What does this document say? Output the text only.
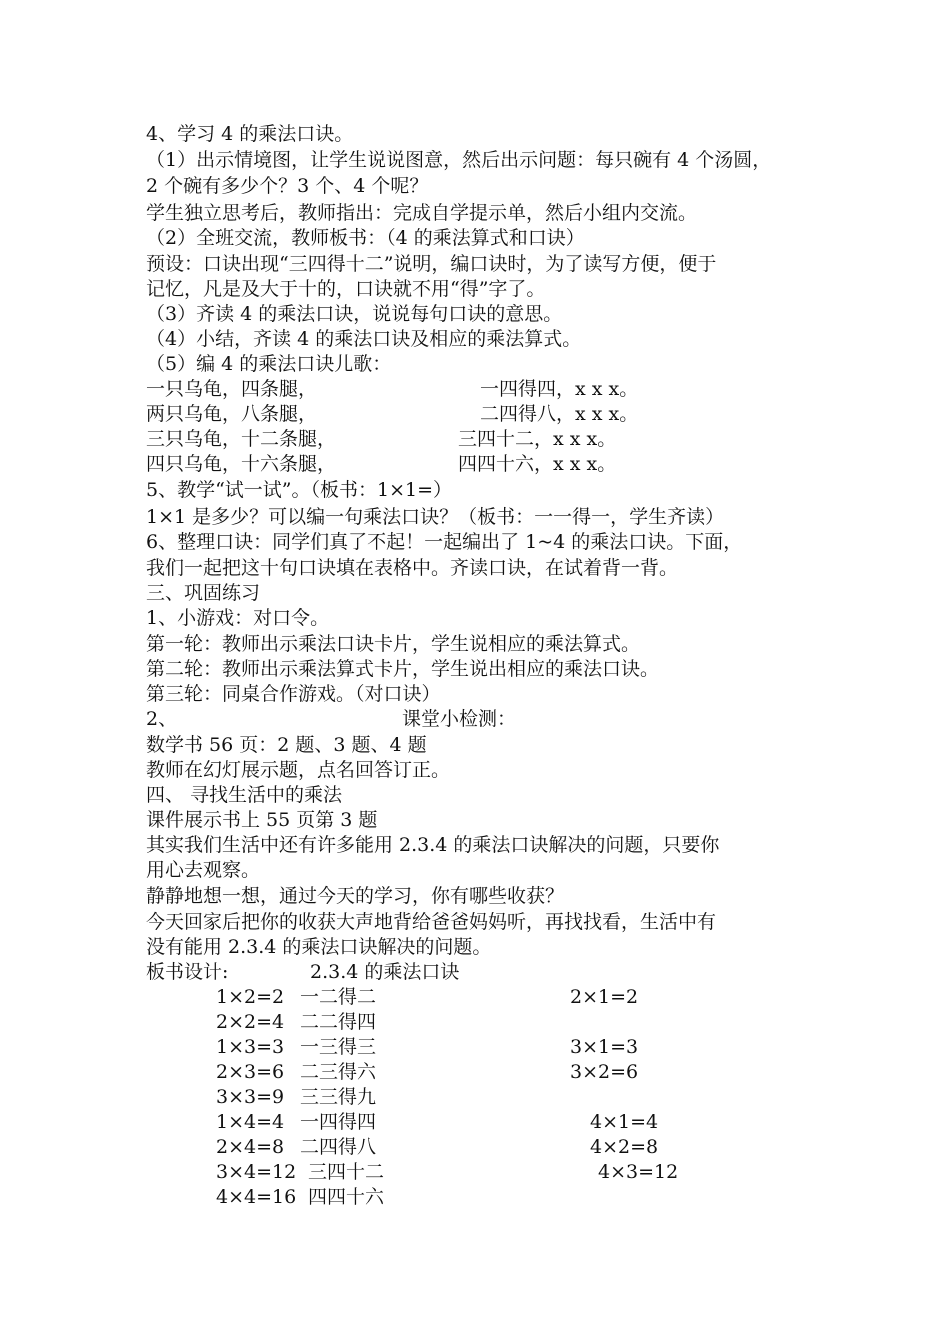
4、学习 4 的乘法口诀。
（1）出示情境图，让学生说说图意，然后出示问题：每只碗有 4 个汤圆，
2 个碗有多少个？3 个、4 个呢？
学生独立思考后，教师指出：完成自学提示单，然后小组内交流。
（2）全班交流，教师板书：（4 的乘法算式和口诀）
预设：口诀出现“三四得十二”说明，编口诀时，为了读写方便，便于
记忆，凡是及大于十的，口诀就不用“得”字了。
（3）齐读 4 的乘法口诀，说说每句口诀的意思。
（4）小结，齐读 4 的乘法口诀及相应的乘法算式。
（5）编 4 的乘法口诀儿歌：
一只乌龟，四条腿，	一四得四，x x x。
两只乌龟，八条腿，	二四得八，x x x。
三只乌龟，十二条腿，	三四十二，x x x。
四只乌龟，十六条腿，	四四十六，x x x。
5、教学“试一试”。（板书：1×1=）
1×1 是多少？可以编一句乘法口诀？（板书：一一得一，学生齐读）
6、整理口诀：同学们真了不起！一起编出了 1~4 的乘法口诀。下面，
我们一起把这十句口诀填在表格中。齐读口诀，在试着背一背。
三、巩固练习
1、小游戏：对口令。
第一轮：教师出示乘法口诀卡片，学生说相应的乘法算式。
第二轮：教师出示乘法算式卡片，学生说出相应的乘法口诀。
第三轮：同桌合作游戏。（对口诀）
2、	课堂小检测：
数学书 56 页：2 题、3 题、4 题
教师在幻灯展示题，点名回答订正。
四、 寻找生活中的乘法
课件展示书上 55 页第 3 题
其实我们生活中还有许多能用 2.3.4 的乘法口诀解决的问题，只要你
用心去观察。
静静地想一想，通过今天的学习，你有哪些收获？
今天回家后把你的收获大声地背给爸爸妈妈听，再找找看，生活中有
没有能用 2.3.4 的乘法口诀解决的问题。
板书设计:	2.3.4 的乘法口诀
1×2=2 一二得二	2×1=2
2×2=4 二二得四
1×3=3 一三得三	3×1=3
2×3=6 二三得六	3×2=6
3×3=9 三三得九
1×4=4 一四得四	4×1=4
2×4=8 二四得八	4×2=8
3×4=12 三四十二	4×3=12
4×4=16 四四十六
